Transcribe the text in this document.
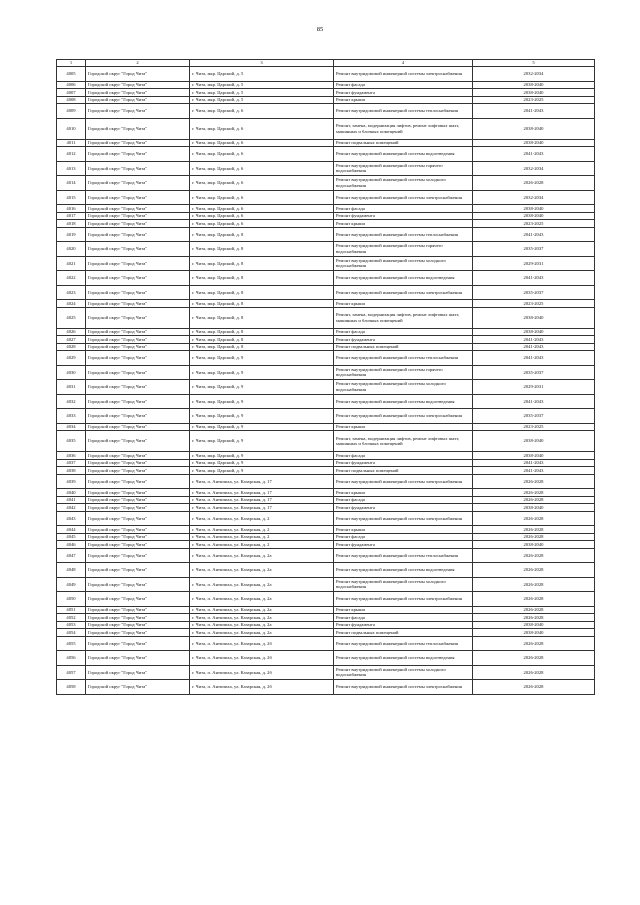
85
1	2	3	4	5
4005	Городской округ "Город Чита"	г. Чита, мкр. Царский, д. 5	Ремонт внутридомовой инженерной системы электроснабжения	2032-2034
4006	Городской округ "Город Чита"	г. Чита, мкр. Царский, д. 5	Ремонт фасада	2038-2040
4007	Городской округ "Город Чита"	г. Чита, мкр. Царский, д. 5	Ремонт фундамента	2038-2040
4008	Городской округ "Город Чита"	г. Чита, мкр. Царский, д. 5	Ремонт крыши	2023-2025
4009	Городской округ "Город Чита"	г. Чита, мкр. Царский, д. 6	Ремонт внутридомовой инженерной системы теплоснабжения	2041-2043
4010	Городской округ "Город Чита"	г. Чита, мкр. Царский, д. 6	Ремонт, замена, модернизация лифтов, ремонт лифтовых шахт, машинных и блочных помещений	2038-2040
4011	Городской округ "Город Чита"	г. Чита, мкр. Царский, д. 6	Ремонт подвальных помещений	2038-2040
4012	Городской округ "Город Чита"	г. Чита, мкр. Царский, д. 6	Ремонт внутридомовой инженерной системы водоотведения	2041-2043
4013	Городской округ "Город Чита"	г. Чита, мкр. Царский, д. 6	Ремонт внутридомовой инженерной системы горячего водоснабжения	2032-2034
4014	Городской округ "Город Чита"	г. Чита, мкр. Царский, д. 6	Ремонт внутридомовой инженерной системы холодного водоснабжения	2026-2028
4015	Городской округ "Город Чита"	г. Чита, мкр. Царский, д. 6	Ремонт внутридомовой инженерной системы электроснабжения	2032-2034
4016	Городской округ "Город Чита"	г. Чита, мкр. Царский, д. 6	Ремонт фасада	2038-2040
4017	Городской округ "Город Чита"	г. Чита, мкр. Царский, д. 6	Ремонт фундамента	2038-2040
4018	Городской округ "Город Чита"	г. Чита, мкр. Царский, д. 6	Ремонт крыши	2023-2025
4019	Городской округ "Город Чита"	г. Чита, мкр. Царский, д. 8	Ремонт внутридомовой инженерной системы теплоснабжения	2041-2043
4020	Городской округ "Город Чита"	г. Чита, мкр. Царский, д. 8	Ремонт внутридомовой инженерной системы горячего водоснабжения	2035-2037
4021	Городской округ "Город Чита"	г. Чита, мкр. Царский, д. 8	Ремонт внутридомовой инженерной системы холодного водоснабжения	2029-2031
4022	Городской округ "Город Чита"	г. Чита, мкр. Царский, д. 8	Ремонт внутридомовой инженерной системы водоотведения	2041-2043
4023	Городской округ "Город Чита"	г. Чита, мкр. Царский, д. 8	Ремонт внутридомовой инженерной системы электроснабжения	2035-2037
4024	Городской округ "Город Чита"	г. Чита, мкр. Царский, д. 8	Ремонт крыши	2023-2025
4025	Городской округ "Город Чита"	г. Чита, мкр. Царский, д. 8	Ремонт, замена, модернизация лифтов, ремонт лифтовых шахт, машинных и блочных помещений	2038-2040
4026	Городской округ "Город Чита"	г. Чита, мкр. Царский, д. 8	Ремонт фасада	2038-2040
4027	Городской округ "Город Чита"	г. Чита, мкр. Царский, д. 8	Ремонт фундамента	2041-2043
4028	Городской округ "Город Чита"	г. Чита, мкр. Царский, д. 8	Ремонт подвальных помещений	2041-2043
4029	Городской округ "Город Чита"	г. Чита, мкр. Царский, д. 9	Ремонт внутридомовой инженерной системы теплоснабжения	2041-2043
4030	Городской округ "Город Чита"	г. Чита, мкр. Царский, д. 9	Ремонт внутридомовой инженерной системы горячего водоснабжения	2035-2037
4031	Городской округ "Город Чита"	г. Чита, мкр. Царский, д. 9	Ремонт внутридомовой инженерной системы холодного водоснабжения	2029-2031
4032	Городской округ "Город Чита"	г. Чита, мкр. Царский, д. 9	Ремонт внутридомовой инженерной системы водоотведения	2041-2043
4033	Городской округ "Город Чита"	г. Чита, мкр. Царский, д. 9	Ремонт внутридомовой инженерной системы электроснабжения	2035-2037
4034	Городской округ "Город Чита"	г. Чита, мкр. Царский, д. 9	Ремонт крыши	2023-2025
4035	Городской округ "Город Чита"	г. Чита, мкр. Царский, д. 9	Ремонт, замена, модернизация лифтов, ремонт лифтовых шахт, машинных и блочных помещений	2038-2040
4036	Городской округ "Город Чита"	г. Чита, мкр. Царский, д. 9	Ремонт фасада	2038-2040
4037	Городской округ "Город Чита"	г. Чита, мкр. Царский, д. 9	Ремонт фундамента	2041-2043
4038	Городской округ "Город Чита"	г. Чита, мкр. Царский, д. 9	Ремонт подвальных помещений	2041-2043
4039	Городской округ "Город Чита"	г. Чита, п. Антипиха, ул. Казарская, д. 17	Ремонт внутридомовой инженерной системы электроснабжения	2026-2028
4040	Городской округ "Город Чита"	г. Чита, п. Антипиха, ул. Казарская, д. 17	Ремонт крыши	2026-2028
4041	Городской округ "Город Чита"	г. Чита, п. Антипиха, ул. Казарская, д. 17	Ремонт фасада	2026-2028
4042	Городской округ "Город Чита"	г. Чита, п. Антипиха, ул. Казарская, д. 17	Ремонт фундамента	2038-2040
4043	Городской округ "Город Чита"	г. Чита, п. Антипиха, ул. Казарская, д. 2	Ремонт внутридомовой инженерной системы электроснабжения	2026-2028
4044	Городской округ "Город Чита"	г. Чита, п. Антипиха, ул. Казарская, д. 2	Ремонт крыши	2026-2028
4045	Городской округ "Город Чита"	г. Чита, п. Антипиха, ул. Казарская, д. 2	Ремонт фасада	2026-2028
4046	Городской округ "Город Чита"	г. Чита, п. Антипиха, ул. Казарская, д. 2	Ремонт фундамента	2038-2040
4047	Городской округ "Город Чита"	г. Чита, п. Антипиха, ул. Казарская, д. 2а	Ремонт внутридомовой инженерной системы теплоснабжения	2026-2028
4048	Городской округ "Город Чита"	г. Чита, п. Антипиха, ул. Казарская, д. 2а	Ремонт внутридомовой инженерной системы водоотведения	2026-2028
4049	Городской округ "Город Чита"	г. Чита, п. Антипиха, ул. Казарская, д. 2а	Ремонт внутридомовой инженерной системы холодного водоснабжения	2026-2028
4050	Городской округ "Город Чита"	г. Чита, п. Антипиха, ул. Казарская, д. 2а	Ремонт внутридомовой инженерной системы электроснабжения	2026-2028
4051	Городской округ "Город Чита"	г. Чита, п. Антипиха, ул. Казарская, д. 2а	Ремонт крыши	2026-2028
4052	Городской округ "Город Чита"	г. Чита, п. Антипиха, ул. Казарская, д. 2а	Ремонт фасада	2026-2028
4053	Городской округ "Город Чита"	г. Чита, п. Антипиха, ул. Казарская, д. 2а	Ремонт фундамента	2038-2040
4054	Городской округ "Город Чита"	г. Чита, п. Антипиха, ул. Казарская, д. 2а	Ремонт подвальных помещений	2038-2040
4055	Городской округ "Город Чита"	г. Чита, п. Антипиха, ул. Казарская, д. 2б	Ремонт внутридомовой инженерной системы теплоснабжения	2026-2028
4056	Городской округ "Город Чита"	г. Чита, п. Антипиха, ул. Казарская, д. 2б	Ремонт внутридомовой инженерной системы водоотведения	2026-2028
4057	Городской округ "Город Чита"	г. Чита, п. Антипиха, ул. Казарская, д. 2б	Ремонт внутридомовой инженерной системы холодного водоснабжения	2026-2028
4058	Городской округ "Город Чита"	г. Чита, п. Антипиха, ул. Казарская, д. 2б	Ремонт внутридомовой инженерной системы электроснабжения	2026-2028
